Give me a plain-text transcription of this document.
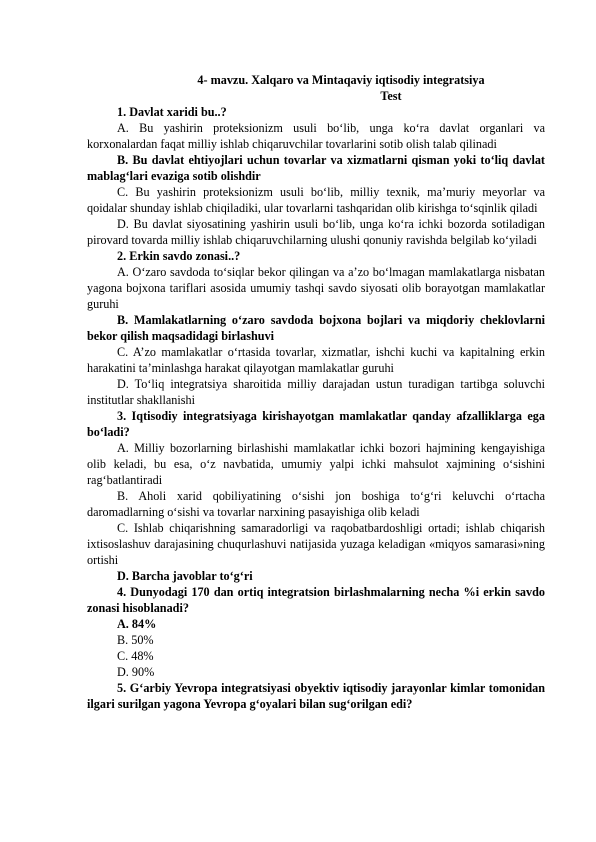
4- mavzu. Xalqaro va Mintaqaviy iqtisodiy integratsiya

Test

1. Davlat xaridi bu..?

A. Bu yashirin proteksionizm usuli bo‘lib, unga ko‘ra davlat organlari va korxonalardan faqat milliy ishlab chiqaruvchilar tovarlarini sotib olish talab qilinadi

B. Bu davlat ehtiyojlari uchun tovarlar va xizmatlarni qisman yoki to‘liq davlat mablag‘lari evaziga sotib olishdir

C. Bu yashirin proteksionizm usuli bo‘lib, milliy texnik, ma’muriy meyorlar va qoidalar shunday ishlab chiqiladiki, ular tovarlarni tashqaridan olib kirishga to‘sqinlik qiladi

D. Bu davlat siyosatining yashirin usuli bo‘lib, unga ko‘ra ichki bozorda sotiladigan pirovard tovarda milliy ishlab chiqaruvchilarning ulushi qonuniy ravishda belgilab ko‘yiladi

2. Erkin savdo zonasi..?

A. O‘zaro savdoda to‘siqlar bekor qilingan va a’zo bo‘lmagan mamlakatlarga nisbatan yagona bojxona tariflari asosida umumiy tashqi savdo siyosati olib borayotgan mamlakatlar guruhi

B. Mamlakatlarning o‘zaro savdoda bojxona bojlari va miqdoriy cheklovlarni bekor qilish maqsadidagi birlashuvi

C. A’zo mamlakatlar o‘rtasida tovarlar, xizmatlar, ishchi kuchi va kapitalning erkin harakatini ta’minlashga harakat qilayotgan mamlakatlar guruhi

D. To‘liq integratsiya sharoitida milliy darajadan ustun turadigan tartibga soluvchi institutlar shakllanishi

3. Iqtisodiy integratsiyaga kirishayotgan mamlakatlar qanday afzalliklarga ega bo‘ladi?

A. Milliy bozorlarning birlashishi mamlakatlar ichki bozori hajmining kengayishiga olib keladi, bu esa, o‘z navbatida, umumiy yalpi ichki mahsulot xajmining o‘sishini rag‘batlantiradi

B. Aholi xarid qobiliyatining o‘sishi jon boshiga to‘g‘ri keluvchi o‘rtacha daromadlarning o‘sishi va tovarlar narxining pasayishiga olib keladi

C. Ishlab chiqarishning samaradorligi va raqobatbardoshligi ortadi; ishlab chiqarish ixtisoslashuv darajasining chuqurlashuvi natijasida yuzaga keladigan «miqyos samarasi»ning ortishi

D. Barcha javoblar to‘g‘ri

4. Dunyodagi 170 dan ortiq integratsion birlashmalarning necha %i erkin savdo zonasi hisoblanadi?

A. 84%

B. 50%

C. 48%

D. 90%

5. G‘arbiy Yevropa integratsiyasi obyektiv iqtisodiy jarayonlar kimlar tomonidan ilgari surilgan yagona Yevropa g‘oyalari bilan sug‘orilgan edi?
